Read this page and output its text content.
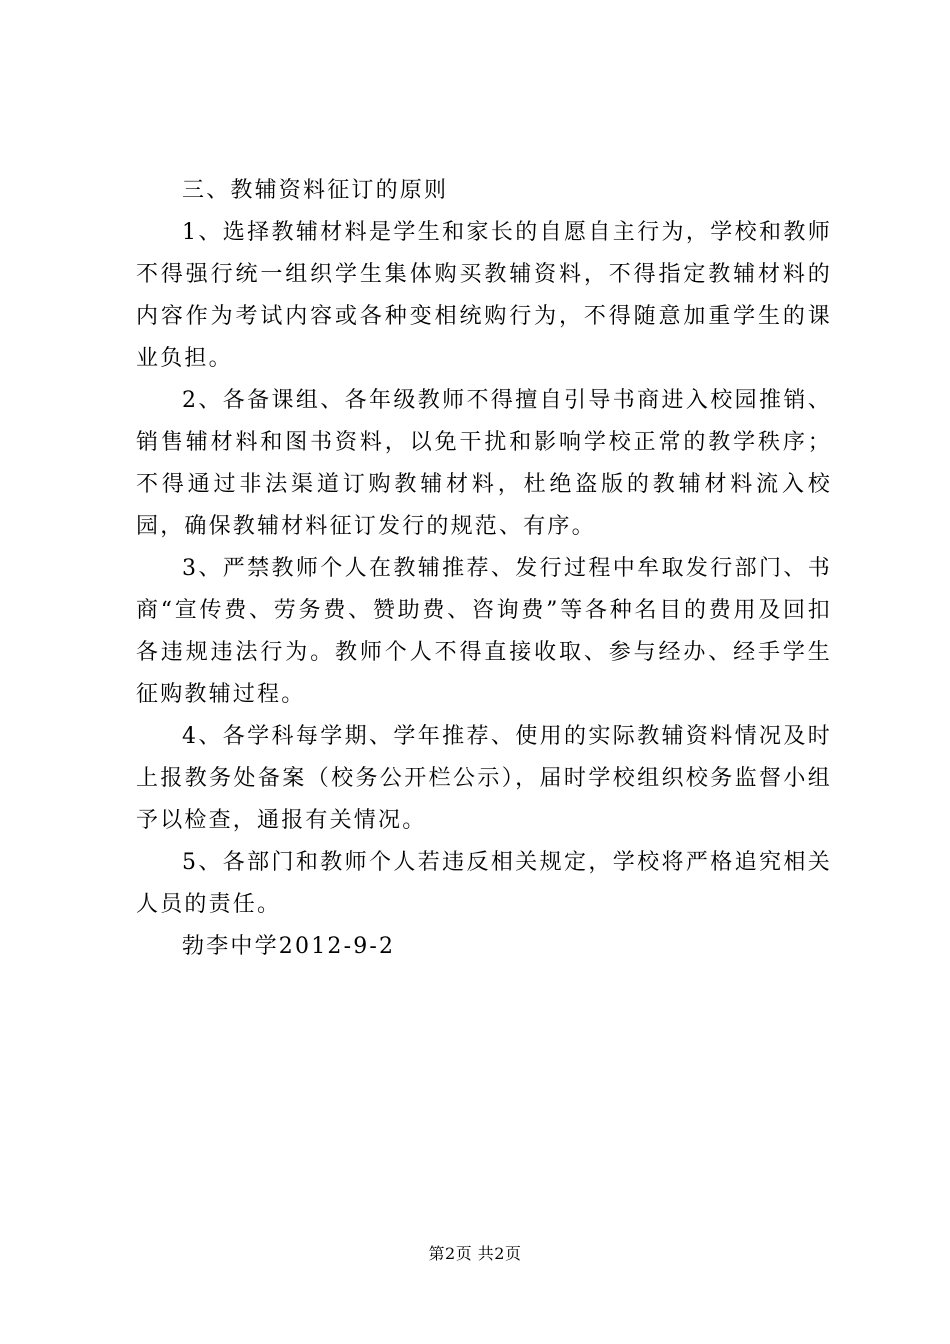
三、教辅资料征订的原则

1、选择教辅材料是学生和家长的自愿自主行为，学校和教师不得强行统一组织学生集体购买教辅资料，不得指定教辅材料的内容作为考试内容或各种变相统购行为，不得随意加重学生的课业负担。

2、各备课组、各年级教师不得擅自引导书商进入校园推销、销售辅材料和图书资料，以免干扰和影响学校正常的教学秩序；不得通过非法渠道订购教辅材料，杜绝盗版的教辅材料流入校园，确保教辅材料征订发行的规范、有序。

3、严禁教师个人在教辅推荐、发行过程中牟取发行部门、书商“宣传费、劳务费、赞助费、咨询费”等各种名目的费用及回扣各违规违法行为。教师个人不得直接收取、参与经办、经手学生征购教辅过程。

4、各学科每学期、学年推荐、使用的实际教辅资料情况及时上报教务处备案（校务公开栏公示），届时学校组织校务监督小组予以检查，通报有关情况。

5、各部门和教师个人若违反相关规定，学校将严格追究相关人员的责任。

勃李中学2012-9-2

第2页 共2页
